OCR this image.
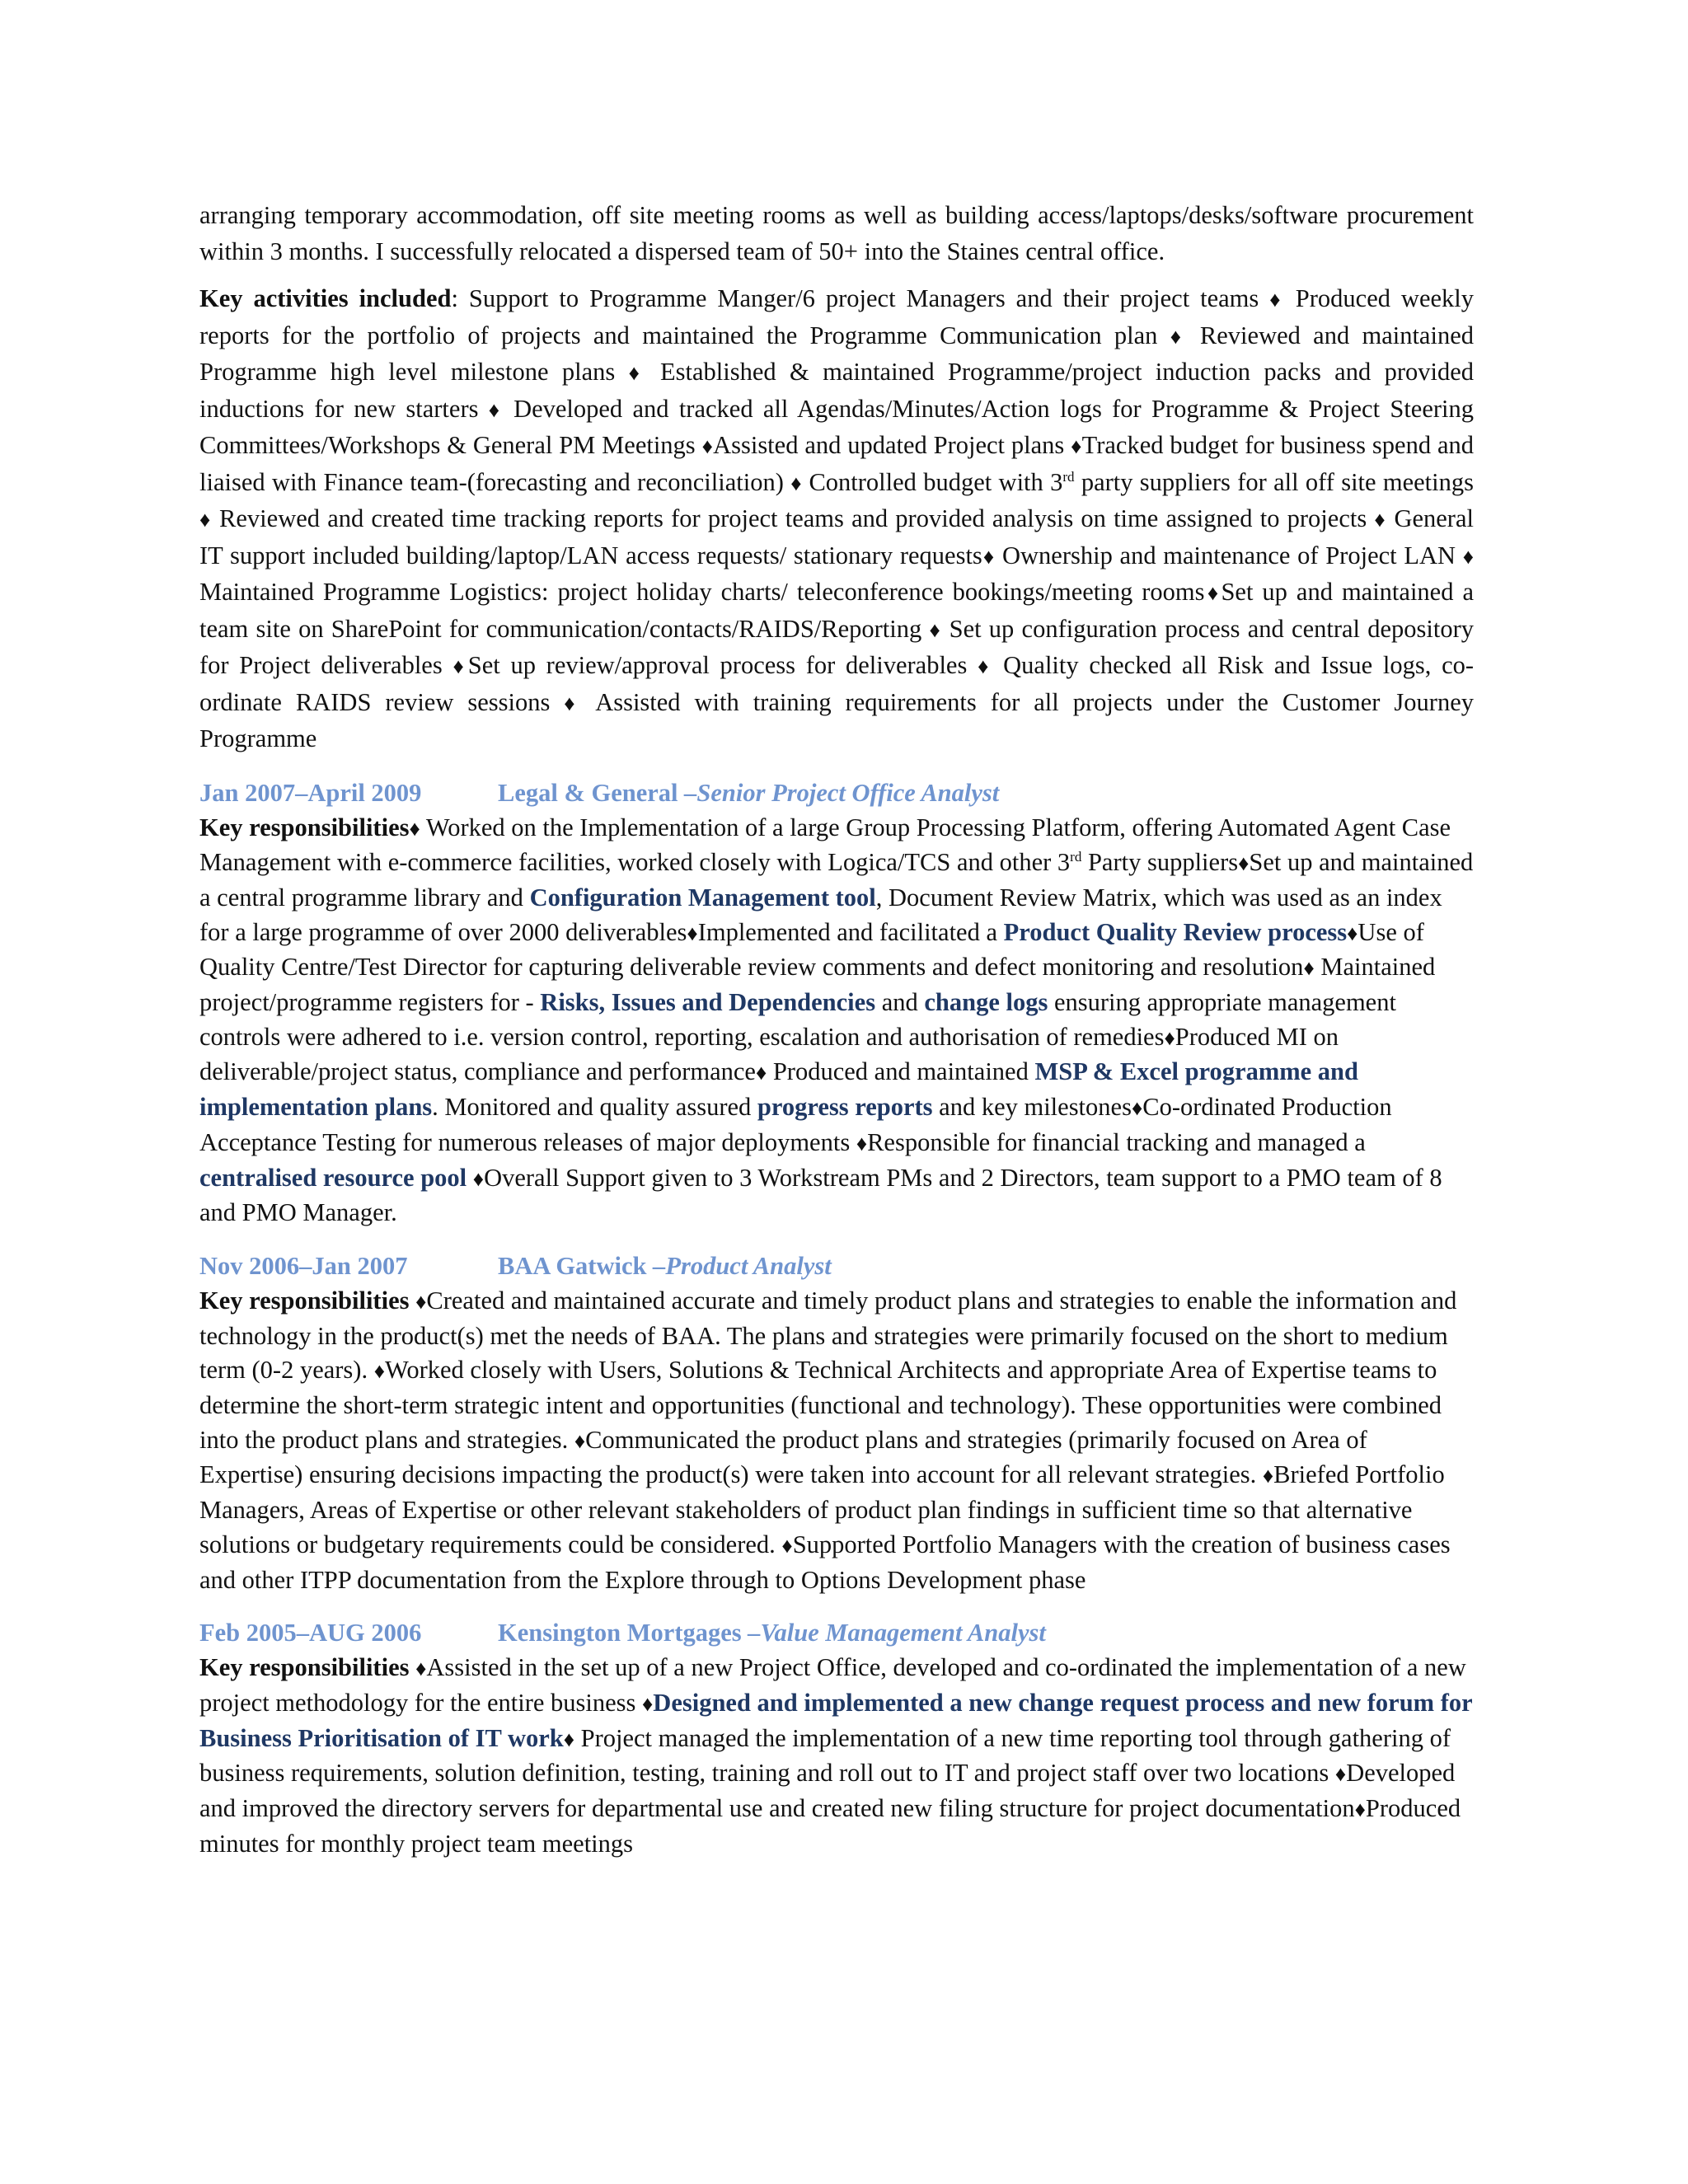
arranging temporary accommodation, off site meeting rooms as well as building access/laptops/desks/software procurement within 3 months. I successfully relocated a dispersed team of 50+ into the Staines central office.

Key activities included: Support to Programme Manger/6 project Managers and their project teams ♦ Produced weekly reports for the portfolio of projects and maintained the Programme Communication plan ♦ Reviewed and maintained Programme high level milestone plans ♦ Established & maintained Programme/project induction packs and provided inductions for new starters ♦ Developed and tracked all Agendas/Minutes/Action logs for Programme & Project Steering Committees/Workshops & General PM Meetings ♦Assisted and updated Project plans ♦Tracked budget for business spend and liaised with Finance team-(forecasting and reconciliation) ♦ Controlled budget with 3rd party suppliers for all off site meetings ♦ Reviewed and created time tracking reports for project teams and provided analysis on time assigned to projects ♦ General IT support included building/laptop/LAN access requests/ stationary requests♦ Ownership and maintenance of Project LAN ♦ Maintained Programme Logistics: project holiday charts/ teleconference bookings/meeting rooms♦Set up and maintained a team site on SharePoint for communication/contacts/RAIDS/Reporting ♦ Set up configuration process and central depository for Project deliverables ♦Set up review/approval process for deliverables ♦ Quality checked all Risk and Issue logs, co-ordinate RAIDS review sessions ♦ Assisted with training requirements for all projects under the Customer Journey Programme

Jan 2007–April 2009	Legal & General –Senior Project Office Analyst
Key responsibilities♦ Worked on the Implementation of a large Group Processing Platform, offering Automated Agent Case Management with e-commerce facilities, worked closely with Logica/TCS and other 3rd Party suppliers♦Set up and maintained a central programme library and Configuration Management tool, Document Review Matrix, which was used as an index for a large programme of over 2000 deliverables♦Implemented and facilitated a Product Quality Review process♦Use of Quality Centre/Test Director for capturing deliverable review comments and defect monitoring and resolution♦ Maintained project/programme registers for - Risks, Issues and Dependencies and change logs ensuring appropriate management controls were adhered to i.e. version control, reporting, escalation and authorisation of remedies♦Produced MI on deliverable/project status, compliance and performance♦ Produced and maintained MSP & Excel programme and implementation plans. Monitored and quality assured progress reports and key milestones♦Co-ordinated Production Acceptance Testing for numerous releases of major deployments ♦Responsible for financial tracking and managed a centralised resource pool ♦Overall Support given to 3 Workstream PMs and 2 Directors, team support to a PMO team of 8 and PMO Manager.
Nov 2006–Jan 2007	BAA Gatwick –Product Analyst
Key responsibilities ♦Created and maintained accurate and timely product plans and strategies to enable the information and technology in the product(s) met the needs of BAA. The plans and strategies were primarily focused on the short to medium term (0-2 years). ♦Worked closely with Users, Solutions & Technical Architects and appropriate Area of Expertise teams to determine the short-term strategic intent and opportunities (functional and technology). These opportunities were combined into the product plans and strategies. ♦Communicated the product plans and strategies (primarily focused on Area of Expertise) ensuring decisions impacting the product(s) were taken into account for all relevant strategies. ♦Briefed Portfolio Managers, Areas of Expertise or other relevant stakeholders of product plan findings in sufficient time so that alternative solutions or budgetary requirements could be considered. ♦Supported Portfolio Managers with the creation of business cases and other ITPP documentation from the Explore through to Options Development phase
Feb 2005–AUG 2006	Kensington Mortgages –Value Management Analyst
Key responsibilities ♦Assisted in the set up of a new Project Office, developed and co-ordinated the implementation of a new project methodology for the entire business ♦Designed and implemented a new change request process and new forum for Business Prioritisation of IT work♦ Project managed the implementation of a new time reporting tool through gathering of business requirements, solution definition, testing, training and roll out to IT and project staff over two locations ♦Developed and improved the directory servers for departmental use and created new filing structure for project documentation♦Produced minutes for monthly project team meetings
